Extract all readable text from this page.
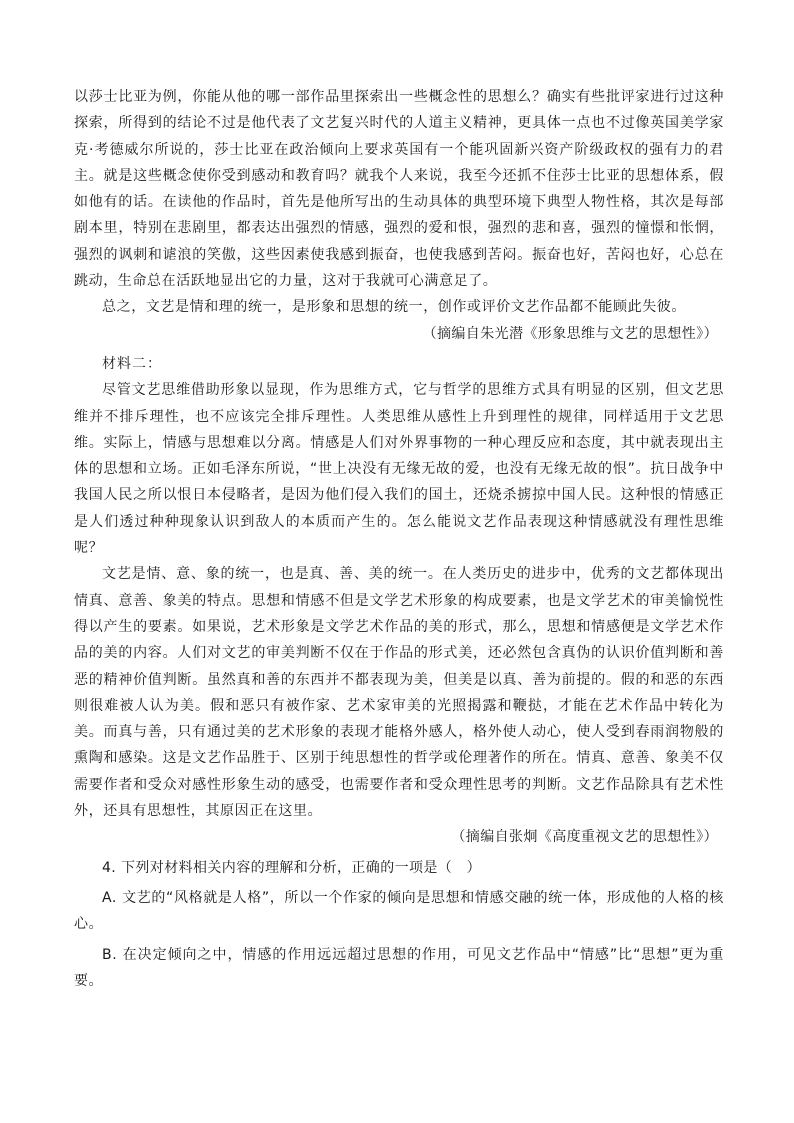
以莎士比亚为例，你能从他的哪一部作品里探索出一些概念性的思想么？确实有些批评家进行过这种探索，所得到的结论不过是他代表了文艺复兴时代的人道主义精神，更具体一点也不过像英国美学家克·考德威尔所说的，莎士比亚在政治倾向上要求英国有一个能巩固新兴资产阶级政权的强有力的君主。就是这些概念使你受到感动和教育吗？就我个人来说，我至今还抓不住莎士比亚的思想体系，假如他有的话。在读他的作品时，首先是他所写出的生动具体的典型环境下典型人物性格，其次是每部剧本里，特别在悲剧里，都表达出强烈的情感，强烈的爱和恨，强烈的悲和喜，强烈的憧憬和怅惘，强烈的讽刺和谑浪的笑傲，这些因素使我感到振奋，也使我感到苦闷。振奋也好，苦闷也好，心总在跳动，生命总在活跃地显出它的力量，这对于我就可心满意足了。

总之，文艺是情和理的统一，是形象和思想的统一，创作或评价文艺作品都不能顾此失彼。

（摘编自朱光潜《形象思维与文艺的思想性》）

材料二：

尽管文艺思维借助形象以显现，作为思维方式，它与哲学的思维方式具有明显的区别，但文艺思维并不排斥理性，也不应该完全排斥理性。人类思维从感性上升到理性的规律，同样适用于文艺思维。实际上，情感与思想难以分离。情感是人们对外界事物的一种心理反应和态度，其中就表现出主体的思想和立场。正如毛泽东所说，“世上决没有无缘无故的爱，也没有无缘无故的恨”。抗日战争中我国人民之所以恨日本侵略者，是因为他们侵入我们的国土，还烧杀掳掠中国人民。这种恨的情感正是人们透过种种现象认识到敌人的本质而产生的。怎么能说文艺作品表现这种情感就没有理性思维呢？

文艺是情、意、象的统一，也是真、善、美的统一。在人类历史的进步中，优秀的文艺都体现出情真、意善、象美的特点。思想和情感不但是文学艺术形象的构成要素，也是文学艺术的审美愉悦性得以产生的要素。如果说，艺术形象是文学艺术作品的美的形式，那么，思想和情感便是文学艺术作品的美的内容。人们对文艺的审美判断不仅在于作品的形式美，还必然包含真伪的认识价值判断和善恶的精神价值判断。虽然真和善的东西并不都表现为美，但美是以真、善为前提的。假的和恶的东西则很难被人认为美。假和恶只有被作家、艺术家审美的光照揭露和鞭挞，才能在艺术作品中转化为美。而真与善，只有通过美的艺术形象的表现才能格外感人，格外使人动心，使人受到春雨润物般的熏陶和感染。这是文艺作品胜于、区别于纯思想性的哲学或伦理著作的所在。情真、意善、象美不仅需要作者和受众对感性形象生动的感受，也需要作者和受众理性思考的判断。文艺作品除具有艺术性外，还具有思想性，其原因正在这里。

（摘编自张炯《高度重视文艺的思想性》）

4. 下列对材料相关内容的理解和分析，正确的一项是（　）

A. 文艺的“风格就是人格”，所以一个作家的倾向是思想和情感交融的统一体，形成他的人格的核心。

B. 在决定倾向之中，情感的作用远远超过思想的作用，可见文艺作品中“情感”比“思想”更为重要。
